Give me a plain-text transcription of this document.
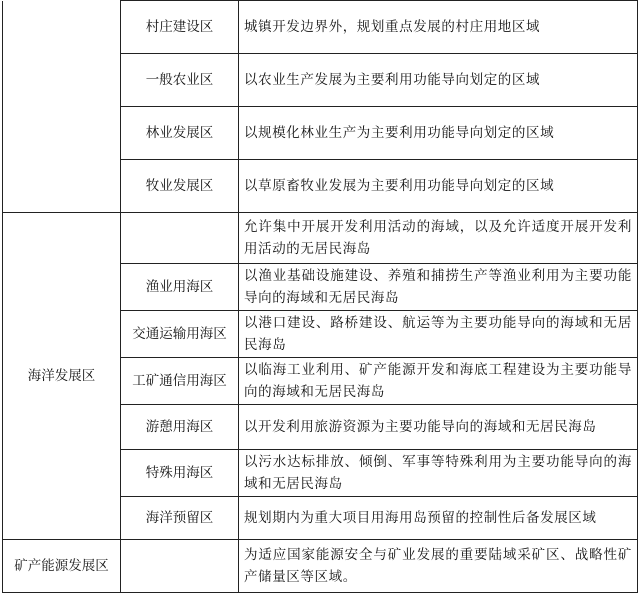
	村庄建设区	城镇开发边界外，规划重点发展的村庄用地区域
	一般农业区	以农业生产发展为主要利用功能导向划定的区域
	林业发展区	以规模化林业生产为主要利用功能导向划定的区域
	牧业发展区	以草原畜牧业发展为主要利用功能导向划定的区域
海洋发展区		允许集中开展开发利用活动的海域，以及允许适度开展开发利用活动的无居民海岛
	渔业用海区	以渔业基础设施建设、养殖和捕捞生产等渔业利用为主要功能导向的海域和无居民海岛
	交通运输用海区	以港口建设、路桥建设、航运等为主要功能导向的海域和无居民海岛
	工矿通信用海区	以临海工业利用、矿产能源开发和海底工程建设为主要功能导向的海域和无居民海岛
	游憩用海区	以开发利用旅游资源为主要功能导向的海域和无居民海岛
	特殊用海区	以污水达标排放、倾倒、军事等特殊利用为主要功能导向的海域和无居民海岛
	海洋预留区	规划期内为重大项目用海用岛预留的控制性后备发展区域
矿产能源发展区		为适应国家能源安全与矿业发展的重要陆域采矿区、战略性矿产储量区等区域。
